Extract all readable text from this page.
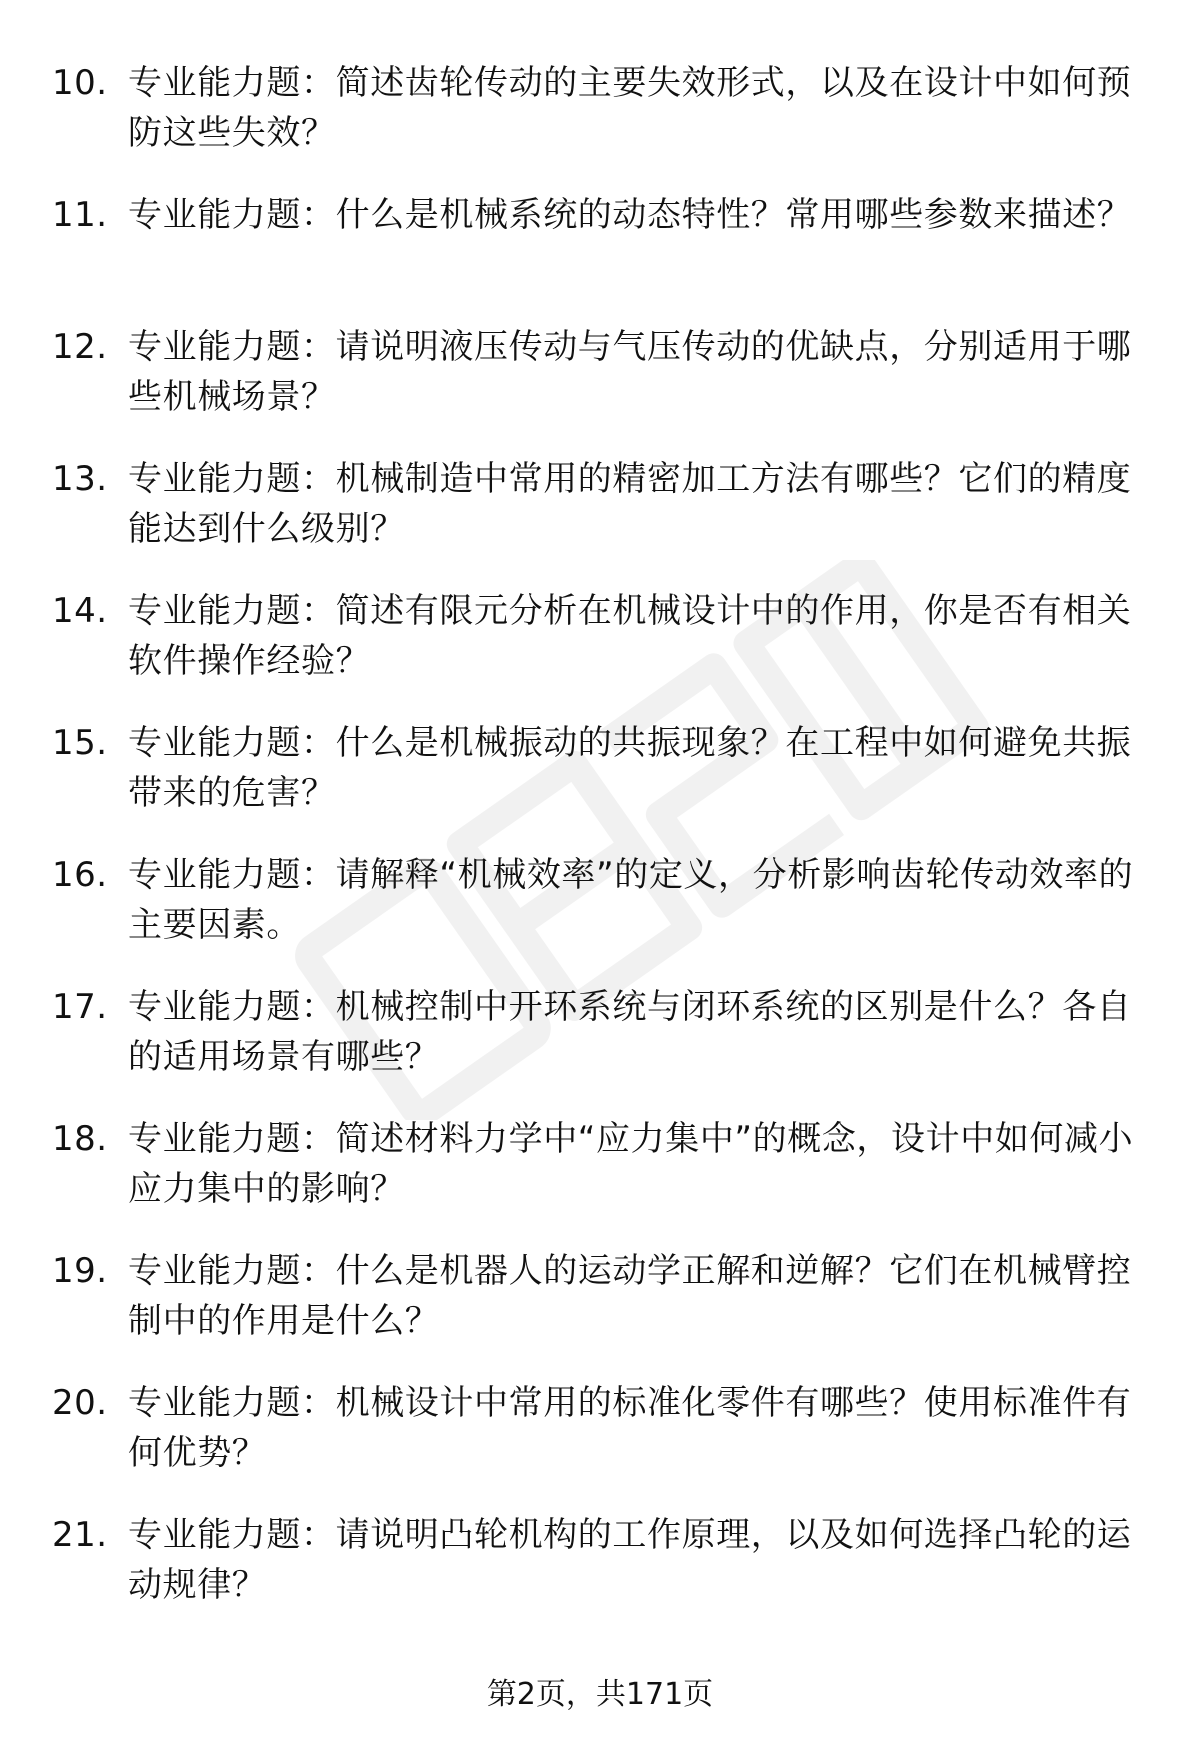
10. 专业能力题：简述齿轮传动的主要失效形式，以及在设计中如何预防这些失效？
11. 专业能力题：什么是机械系统的动态特性？常用哪些参数来描述？
12. 专业能力题：请说明液压传动与气压传动的优缺点，分别适用于哪些机械场景？
13. 专业能力题：机械制造中常用的精密加工方法有哪些？它们的精度能达到什么级别？
14. 专业能力题：简述有限元分析在机械设计中的作用，你是否有相关软件操作经验？
15. 专业能力题：什么是机械振动的共振现象？在工程中如何避免共振带来的危害？
16. 专业能力题：请解释“机械效率”的定义，分析影响齿轮传动效率的主要因素。
17. 专业能力题：机械控制中开环系统与闭环系统的区别是什么？各自的适用场景有哪些？
18. 专业能力题：简述材料力学中“应力集中”的概念，设计中如何减小应力集中的影响？
19. 专业能力题：什么是机器人的运动学正解和逆解？它们在机械臂控制中的作用是什么？
20. 专业能力题：机械设计中常用的标准化零件有哪些？使用标准件有何优势？
21. 专业能力题：请说明凸轮机构的工作原理，以及如何选择凸轮的运动规律？
第2页，共171页
